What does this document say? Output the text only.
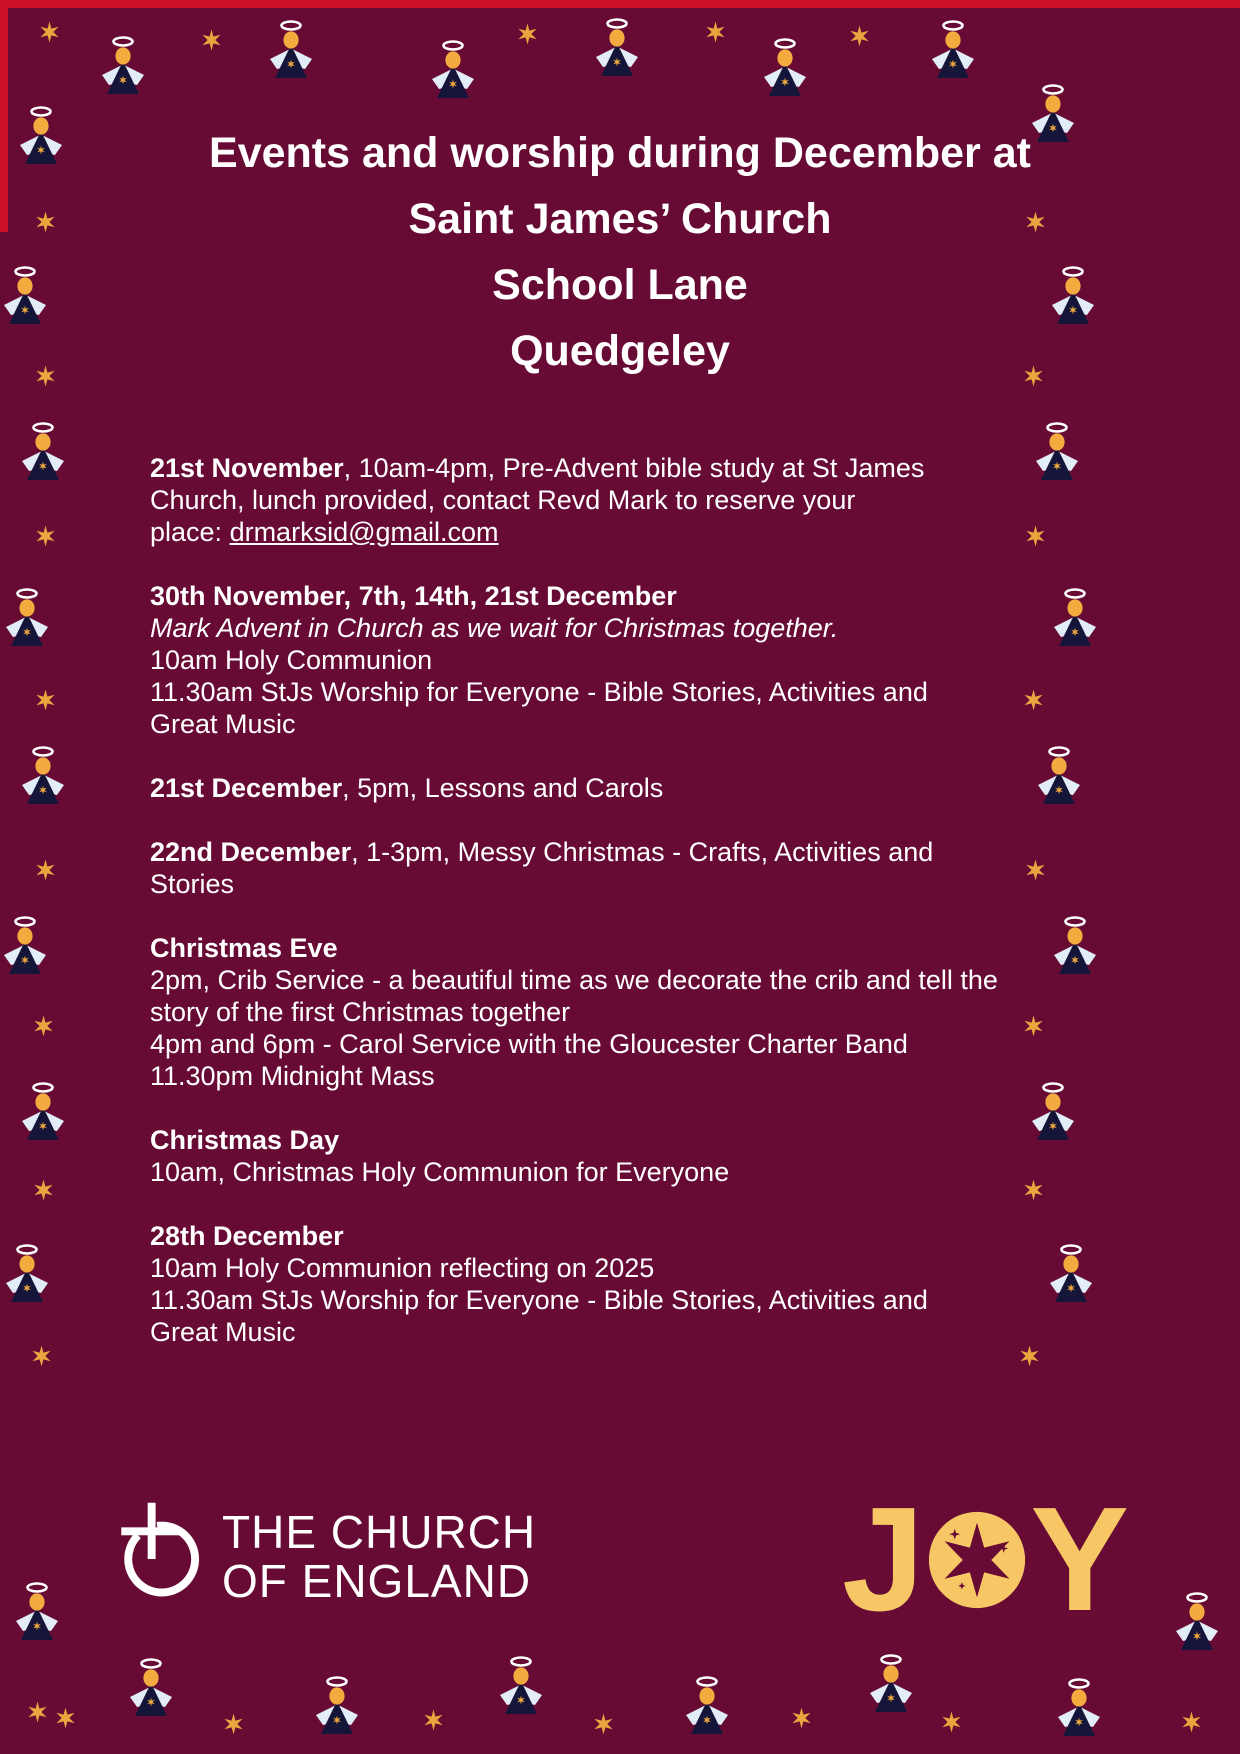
Events and worship during December at
Saint James’ Church
School Lane
Quedgeley
21st November, 10am-4pm, Pre-Advent bible study at St James
Church, lunch provided, contact Revd Mark to reserve your
place: drmarksid@gmail.com
30th November, 7th, 14th, 21st December
Mark Advent in Church as we wait for Christmas together.
10am Holy Communion
11.30am StJs Worship for Everyone - Bible Stories, Activities and
Great Music
21st December, 5pm, Lessons and Carols
22nd December, 1-3pm, Messy Christmas - Crafts, Activities and
Stories
Christmas Eve
2pm, Crib Service - a beautiful time as we decorate the crib and tell the
story of the first Christmas together
4pm and 6pm - Carol Service with the Gloucester Charter Band
11.30pm Midnight Mass
Christmas Day
10am, Christmas Holy Communion for Everyone
28th December
10am Holy Communion reflecting on 2025
11.30am StJs Worship for Everyone - Bible Stories, Activities and
Great Music
THE CHURCH
OF ENGLAND J Y
